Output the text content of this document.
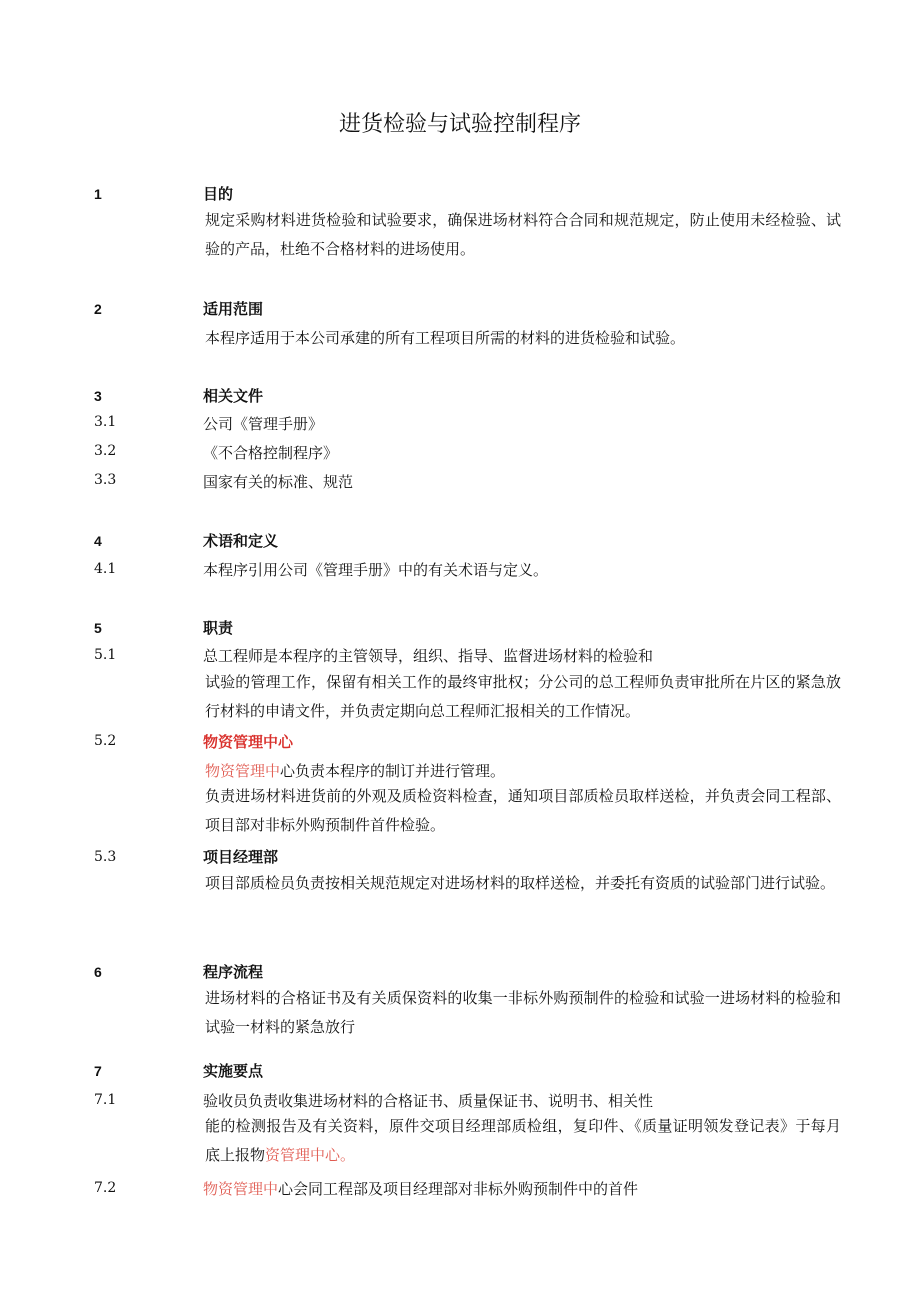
进货检验与试验控制程序
1	目的
规定采购材料进货检验和试验要求，确保进场材料符合合同和规范规定，防止使用未经检验、试验的产品，杜绝不合格材料的进场使用。
2	适用范围
本程序适用于本公司承建的所有工程项目所需的材料的进货检验和试验。
3	相关文件
3.1	公司《管理手册》
3.2	《不合格控制程序》
3.3	国家有关的标准、规范
4	术语和定义
4.1	本程序引用公司《管理手册》中的有关术语与定义。
5	职责
5.1	总工程师是本程序的主管领导，组织、指导、监督进场材料的检验和
试验的管理工作，保留有相关工作的最终审批权；分公司的总工程师负责审批所在片区的紧急放行材料的申请文件，并负责定期向总工程师汇报相关的工作情况。
5.2	物资管理中心
物资管理中心负责本程序的制订并进行管理。
负责进场材料进货前的外观及质检资料检查，通知项目部质检员取样送检，并负责会同工程部、项目部对非标外购预制件首件检验。
5.3	项目经理部
项目部质检员负责按相关规范规定对进场材料的取样送检，并委托有资质的试验部门进行试验。
6	程序流程
进场材料的合格证书及有关质保资料的收集一非标外购预制件的检验和试验一进场材料的检验和试验一材料的紧急放行
7	实施要点
7.1	验收员负责收集进场材料的合格证书、质量保证书、说明书、相关性
能的检测报告及有关资料，原件交项目经理部质检组，复印件、《质量证明领发登记表》于每月底上报物资管理中心。
7.2	物资管理中心会同工程部及项目经理部对非标外购预制件中的首件
